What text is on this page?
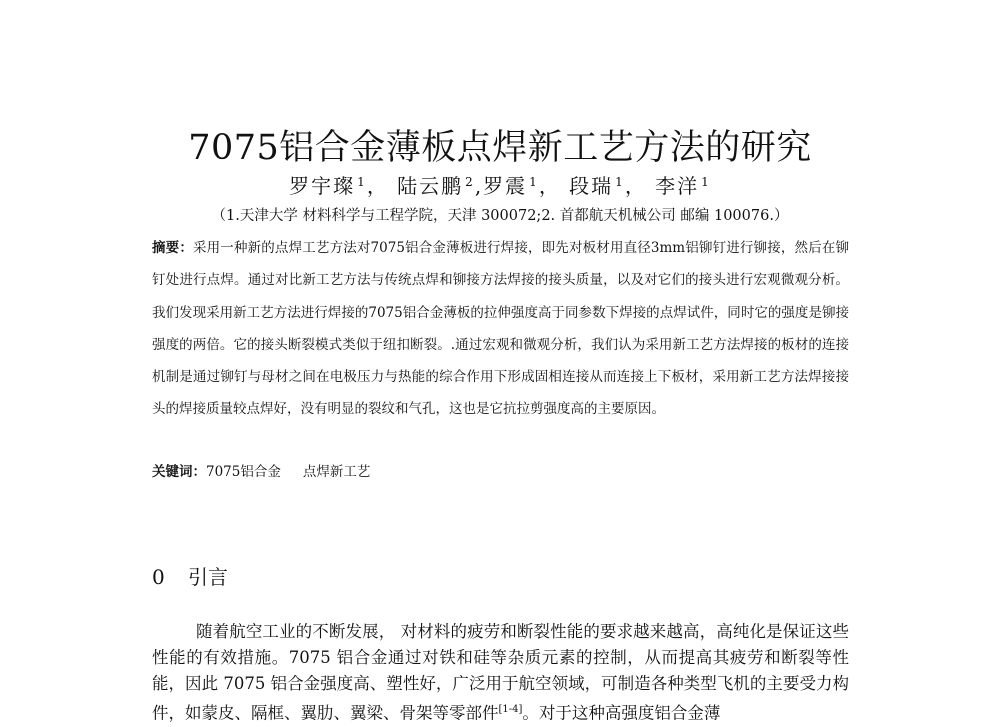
7075铝合金薄板点焊新工艺方法的研究
罗宇璨 $^1$， 陆云鹏 $^2$,罗震 $^1$， 段瑞 $^1$， 李洋 $^1$
（1.天津大学 材料科学与工程学院，天津 300072;2. 首都航天机械公司 邮编 100076.）

摘要：采用一种新的点焊工艺方法对7075铝合金薄板进行焊接，即先对板材用直径3mm铝铆钉进行铆接，然后在铆钉处进行点焊。通过对比新工艺方法与传统点焊和铆接方法焊接的接头质量，以及对它们的接头进行宏观微观分析。我们发现采用新工艺方法进行焊接的7075铝合金薄板的拉伸强度高于同参数下焊接的点焊试件，同时它的强度是铆接强度的两倍。它的接头断裂模式类似于纽扣断裂。.通过宏观和微观分析，我们认为采用新工艺方法焊接的板材的连接机制是通过铆钉与母材之间在电极压力与热能的综合作用下形成固相连接从而连接上下板材，采用新工艺方法焊接接头的焊接质量较点焊好，没有明显的裂纹和气孔，这也是它抗拉剪强度高的主要原因。

关键词：7075铝合金 点焊新工艺
0 引言

随着航空工业的不断发展， 对材料的疲劳和断裂性能的要求越来越高，高纯化是保证这些性能的有效措施。7075 铝合金通过对铁和硅等杂质元素的控制，从而提高其疲劳和断裂等性能，因此 7075 铝合金强度高、塑性好，广泛用于航空领域，可制造各种类型飞机的主要受力构件，如蒙皮、隔框、翼肋、翼梁、骨架等零部件[1-4]。对于这种高强度铝合金薄
